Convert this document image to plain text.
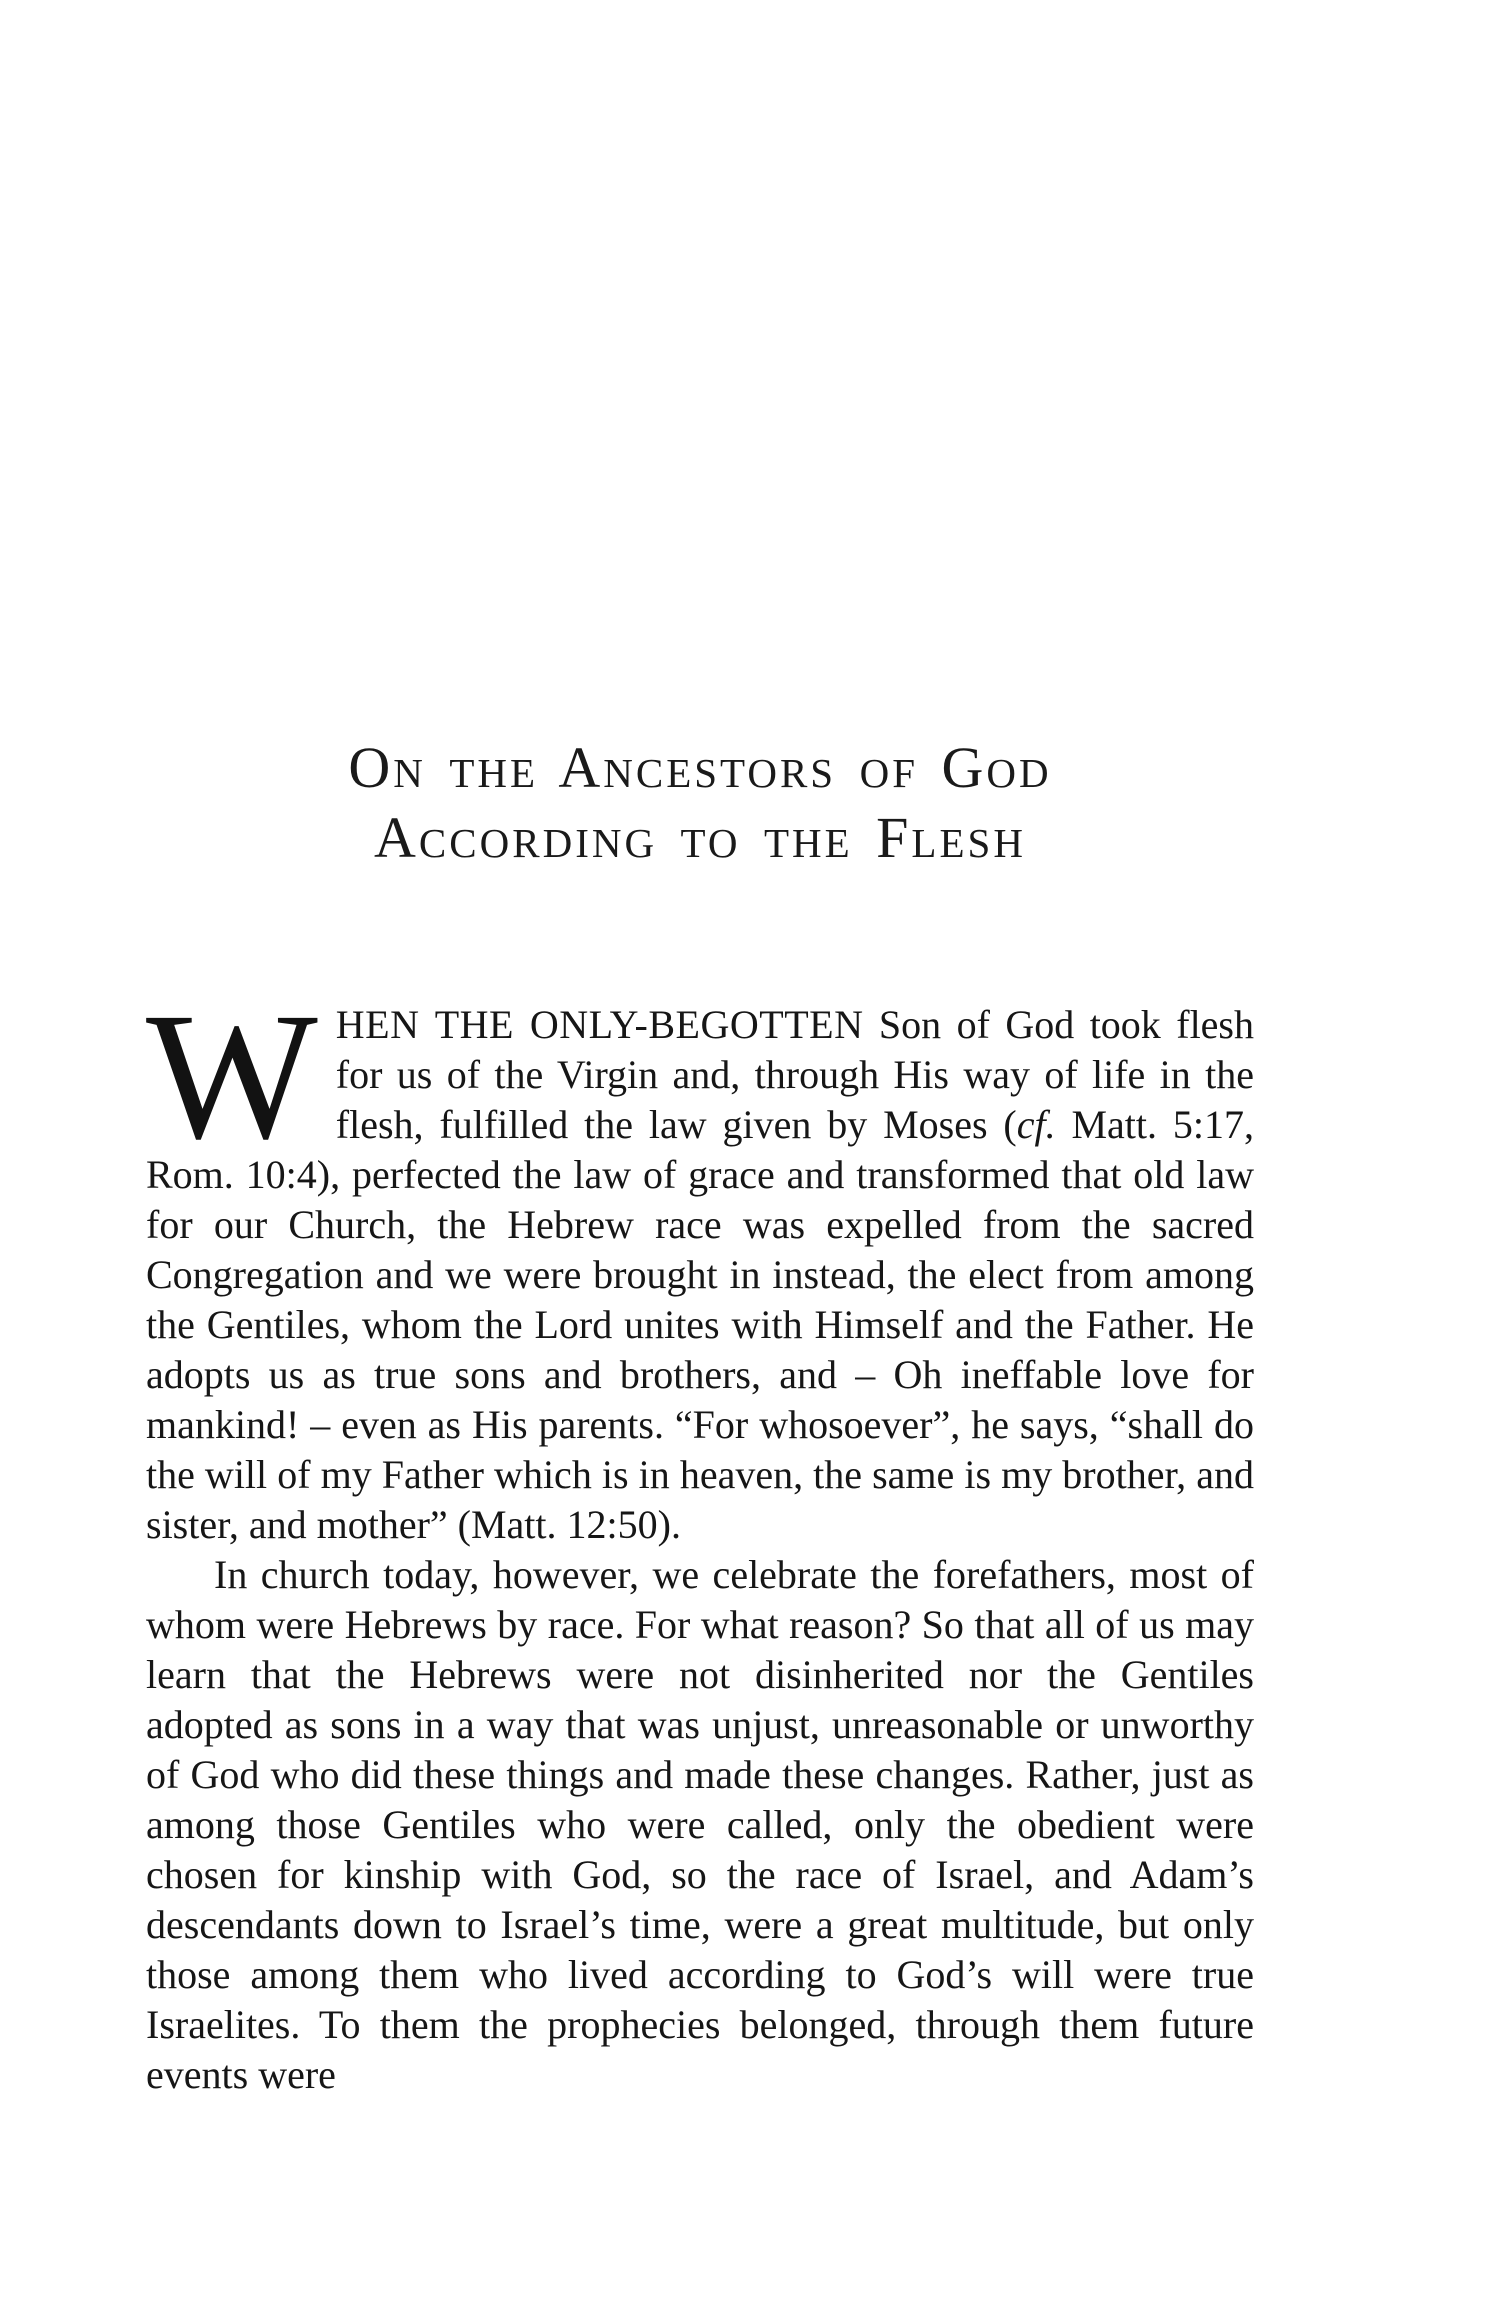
On the Ancestors of God
According to the Flesh

WHEN THE ONLY-BEGOTTEN Son of God took flesh for us of the Virgin and, through His way of life in the flesh, fulfilled the law given by Moses (cf. Matt. 5:17, Rom. 10:4), perfected the law of grace and transformed that old law for our Church, the Hebrew race was expelled from the sacred Congregation and we were brought in instead, the elect from among the Gentiles, whom the Lord unites with Himself and the Father. He adopts us as true sons and brothers, and – Oh ineffable love for mankind! – even as His parents. “For whosoever”, he says, “shall do the will of my Father which is in heaven, the same is my brother, and sister, and mother” (Matt. 12:50).

In church today, however, we celebrate the forefathers, most of whom were Hebrews by race. For what reason? So that all of us may learn that the Hebrews were not disinherited nor the Gentiles adopted as sons in a way that was unjust, unreasonable or unworthy of God who did these things and made these changes. Rather, just as among those Gentiles who were called, only the obedient were chosen for kinship with God, so the race of Israel, and Adam’s descendants down to Israel’s time, were a great multitude, but only those among them who lived according to God’s will were true Israelites. To them the prophecies belonged, through them future events were
